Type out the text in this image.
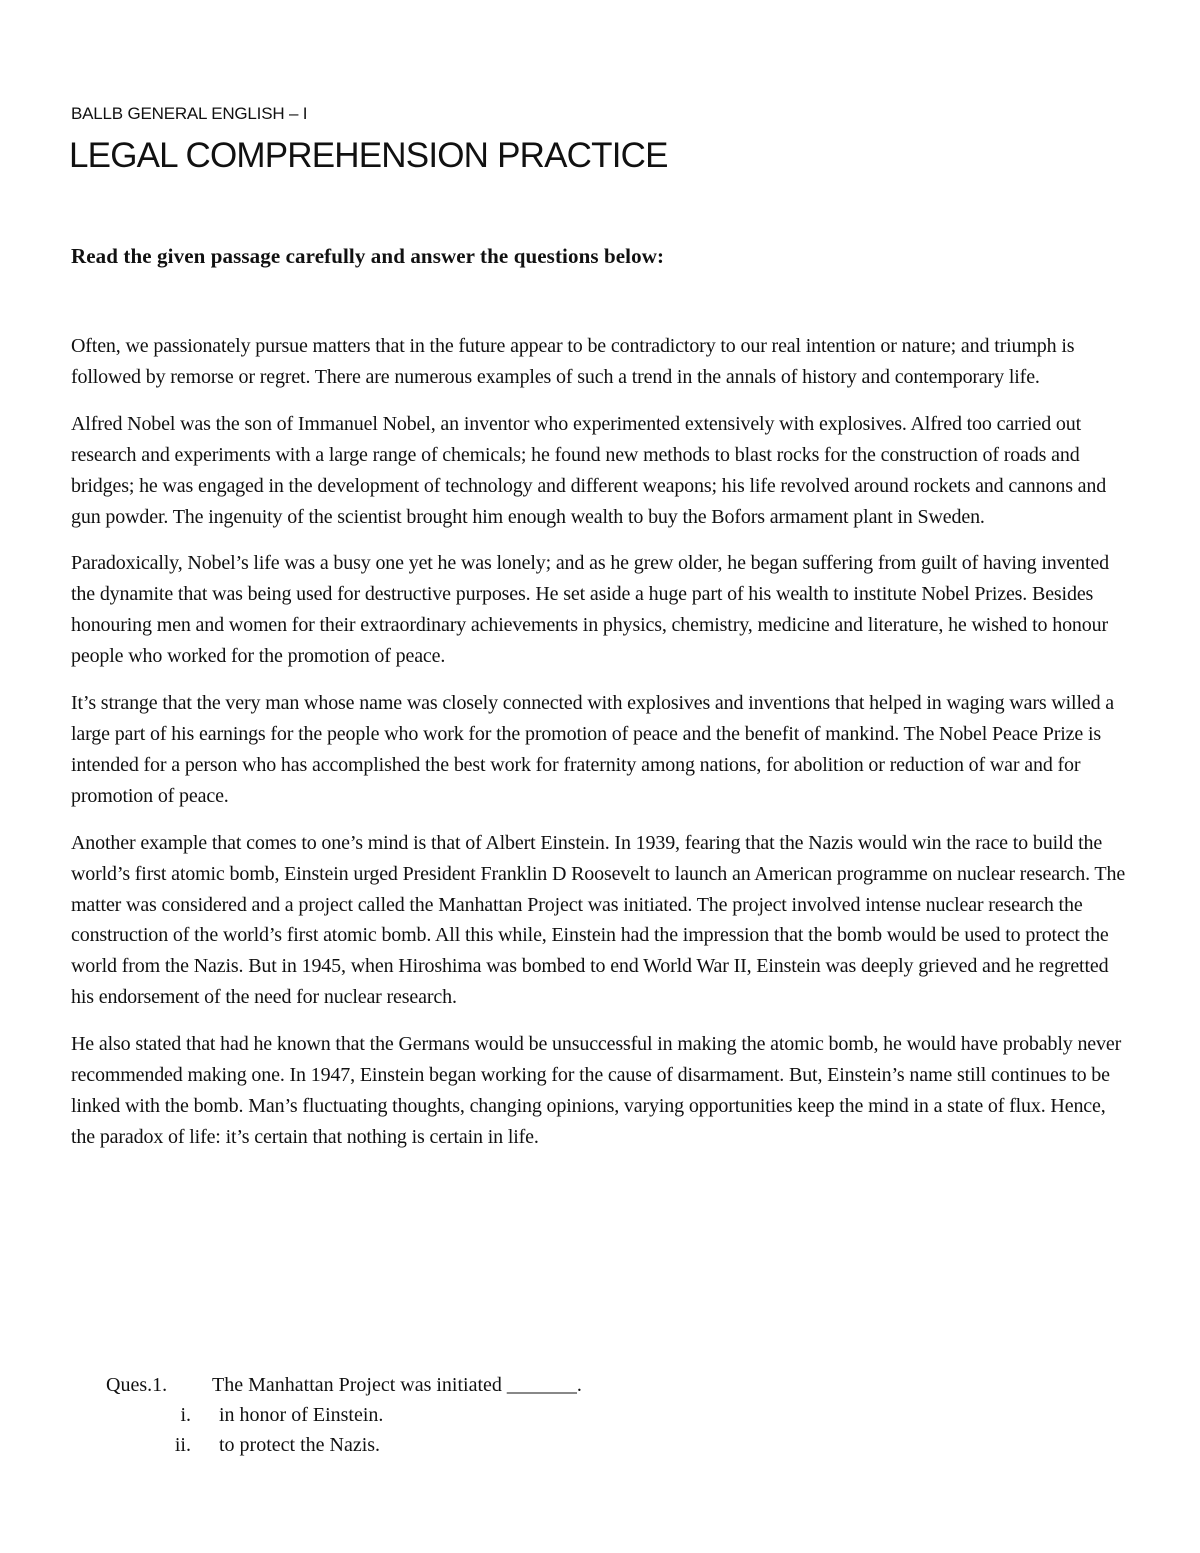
BALLB GENERAL ENGLISH – I
LEGAL COMPREHENSION PRACTICE
Read the given passage carefully and answer the questions below:

Often, we passionately pursue matters that in the future appear to be contradictory to our real intention or nature; and triumph is followed by remorse or regret. There are numerous examples of such a trend in the annals of history and contemporary life.

Alfred Nobel was the son of Immanuel Nobel, an inventor who experimented extensively with explosives. Alfred too carried out research and experiments with a large range of chemicals; he found new methods to blast rocks for the construction of roads and bridges; he was engaged in the development of technology and different weapons; his life revolved around rockets and cannons and gun powder. The ingenuity of the scientist brought him enough wealth to buy the Bofors armament plant in Sweden.

Paradoxically, Nobel’s life was a busy one yet he was lonely; and as he grew older, he began suffering from guilt of having invented the dynamite that was being used for destructive purposes. He set aside a huge part of his wealth to institute Nobel Prizes. Besides honouring men and women for their extraordinary achievements in physics, chemistry, medicine and literature, he wished to honour people who worked for the promotion of peace.

It’s strange that the very man whose name was closely connected with explosives and inventions that helped in waging wars willed a large part of his earnings for the people who work for the promotion of peace and the benefit of mankind. The Nobel Peace Prize is intended for a person who has accomplished the best work for fraternity among nations, for abolition or reduction of war and for promotion of peace.

Another example that comes to one’s mind is that of Albert Einstein. In 1939, fearing that the Nazis would win the race to build the world’s first atomic bomb, Einstein urged President Franklin D Roosevelt to launch an American programme on nuclear research. The matter was considered and a project called the Manhattan Project was initiated. The project involved intense nuclear research the construction of the world’s first atomic bomb. All this while, Einstein had the impression that the bomb would be used to protect the world from the Nazis. But in 1945, when Hiroshima was bombed to end World War II, Einstein was deeply grieved and he regretted his endorsement of the need for nuclear research.

He also stated that had he known that the Germans would be unsuccessful in making the atomic bomb, he would have probably never recommended making one. In 1947, Einstein began working for the cause of disarmament. But, Einstein’s name still continues to be linked with the bomb. Man’s fluctuating thoughts, changing opinions, varying opportunities keep the mind in a state of flux. Hence, the paradox of life: it’s certain that nothing is certain in life.

Ques.1. The Manhattan Project was initiated _______.
i. in honor of Einstein.
ii. to protect the Nazis.
